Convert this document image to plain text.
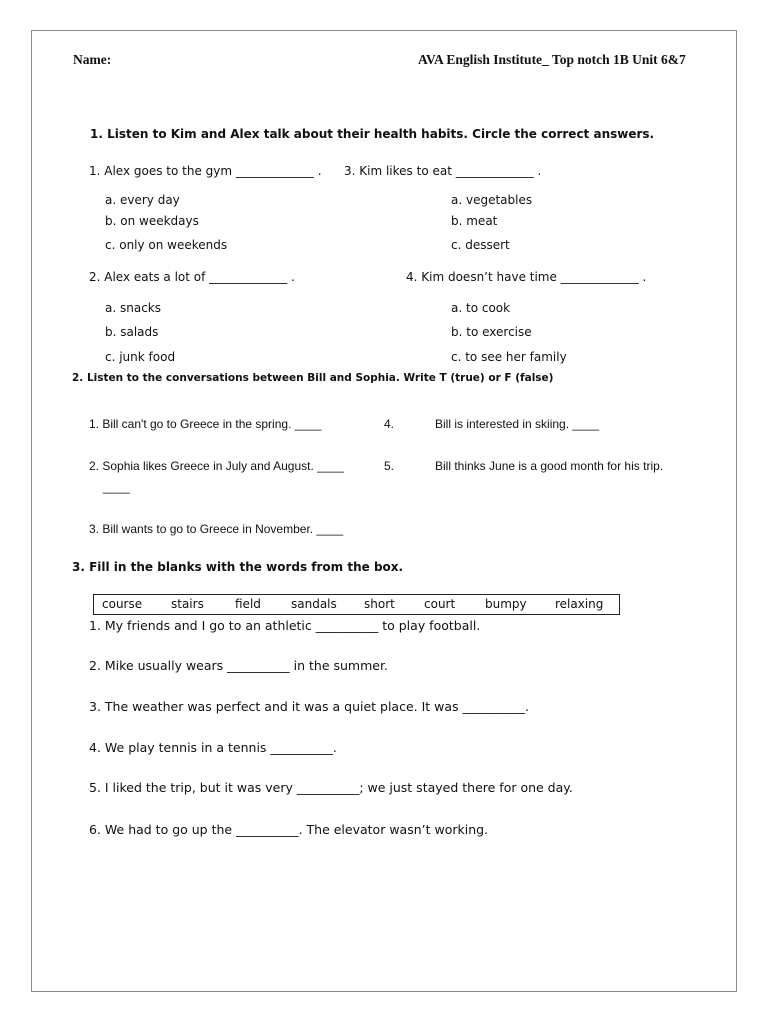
Name:	AVA English Institute_ Top notch 1B Unit 6&7
1. Listen to Kim and Alex talk about their health habits. Circle the correct answers.
1. Alex goes to the gym _____________ . 3. Kim likes to eat _____________ .
a. every day
b. on weekdays
c. only on weekends
a. vegetables
b. meat
c. dessert
2. Alex eats a lot of _____________ .	4. Kim doesn’t have time _____________ .
a. snacks
b. salads
c. junk food
a. to cook
b. to exercise
c. to see her family
2. Listen to the conversations between Bill and Sophia. Write T (true) or F (false)
1. Bill can't go to Greece in the spring. ____	4.	Bill is interested in skiing. ____
2. Sophia likes Greece in July and August. ____	5.	Bill thinks June is a good month for his trip.
____
3. Bill wants to go to Greece in November. ____
3. Fill in the blanks with the words from the box.
course stairs	field	sandals short court bumpy relaxing
1. My friends and I go to an athletic __________ to play football.
2. Mike usually wears __________ in the summer.
3. The weather was perfect and it was a quiet place. It was __________.
4. We play tennis in a tennis __________.
5. I liked the trip, but it was very __________; we just stayed there for one day.
6. We had to go up the __________. The elevator wasn’t working.
